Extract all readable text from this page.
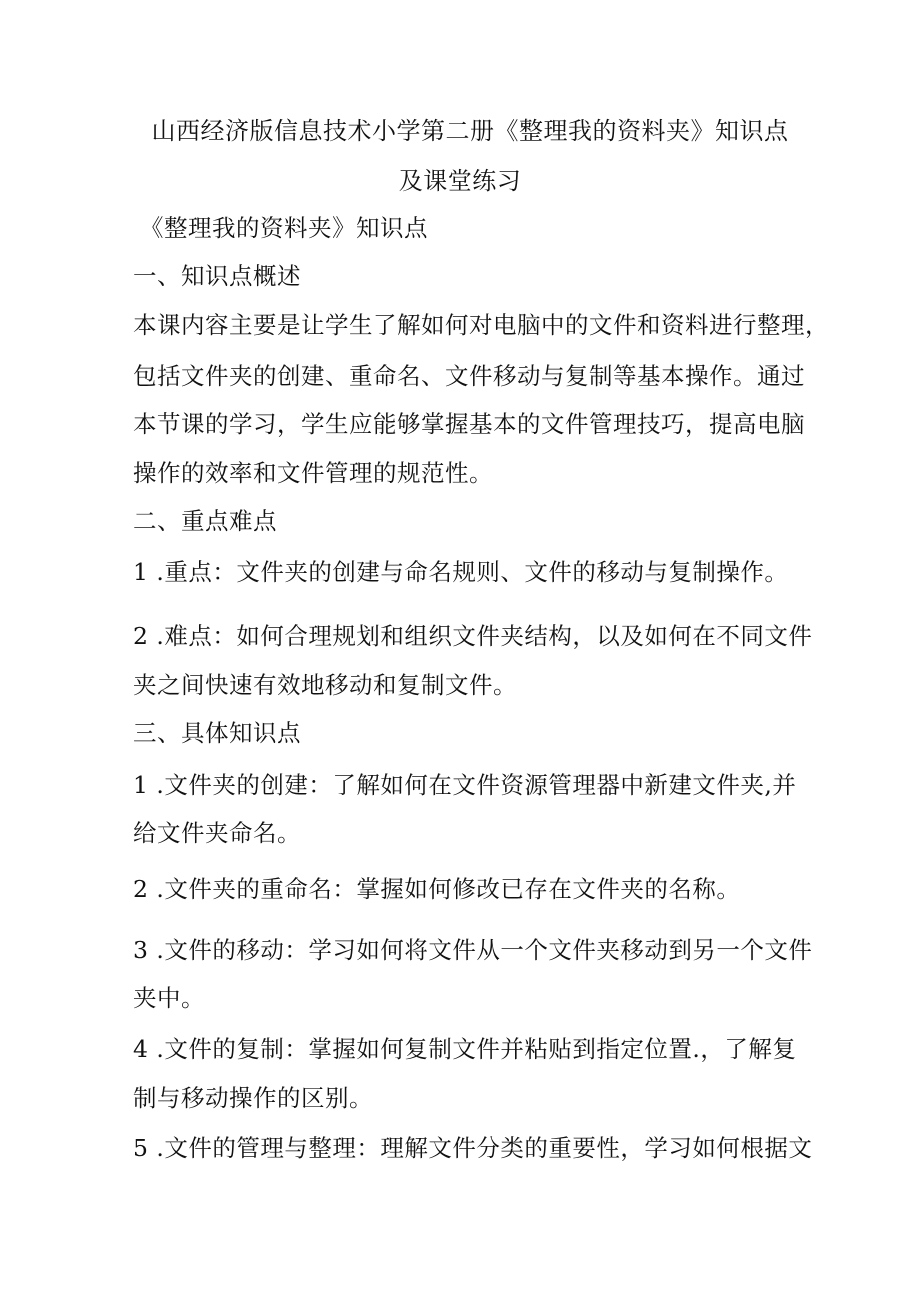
山西经济版信息技术小学第二册《整理我的资料夹》知识点
及课堂练习
《整理我的资料夹》知识点
一、知识点概述
本课内容主要是让学生了解如何对电脑中的文件和资料进行整理，
包括文件夹的创建、重命名、文件移动与复制等基本操作。通过
本节课的学习，学生应能够掌握基本的文件管理技巧，提高电脑
操作的效率和文件管理的规范性。
二、重点难点
1 .重点：文件夹的创建与命名规则、文件的移动与复制操作。
2 .难点：如何合理规划和组织文件夹结构，以及如何在不同文件
夹之间快速有效地移动和复制文件。
三、具体知识点
1 .文件夹的创建：了解如何在文件资源管理器中新建文件夹,并
给文件夹命名。
2 .文件夹的重命名：掌握如何修改已存在文件夹的名称。
3 .文件的移动：学习如何将文件从一个文件夹移动到另一个文件
夹中。
4 .文件的复制：掌握如何复制文件并粘贴到指定位置.，了解复
制与移动操作的区别。
5 .文件的管理与整理：理解文件分类的重要性，学习如何根据文
